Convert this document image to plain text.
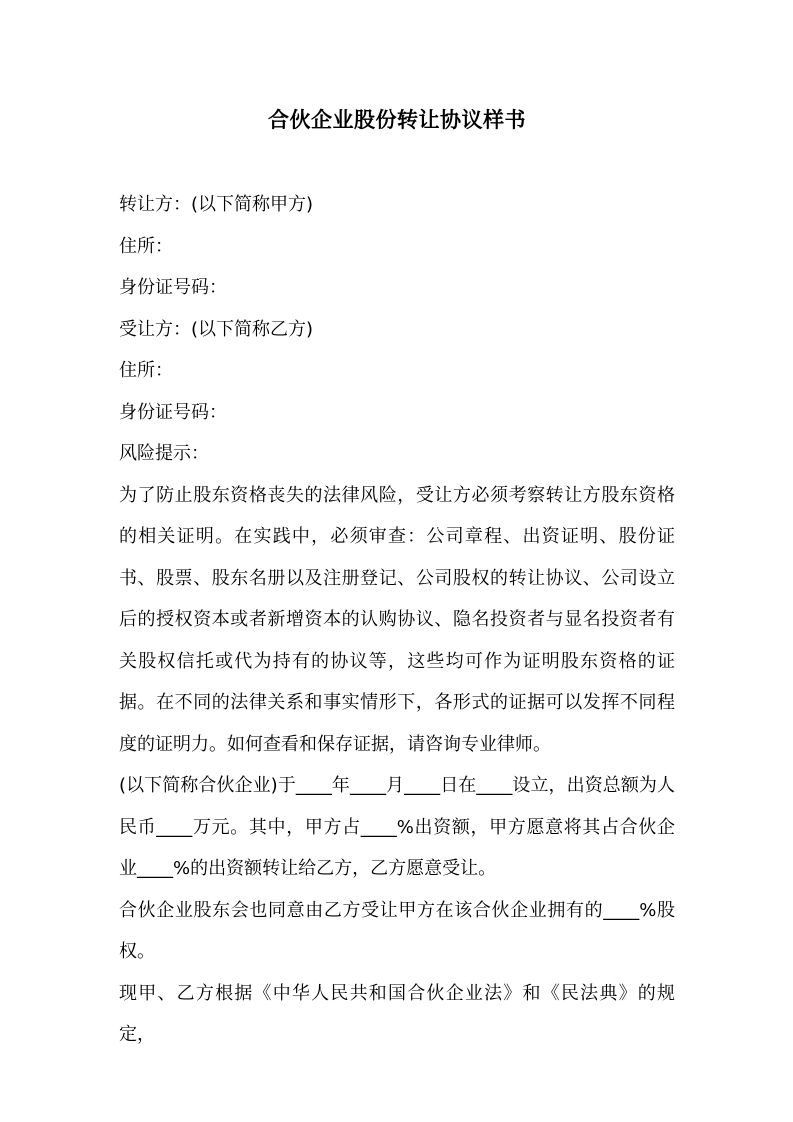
合伙企业股份转让协议样书
转让方：(以下简称甲方)
住所：
身份证号码：
受让方：(以下简称乙方)
住所：
身份证号码：
风险提示：

为了防止股东资格丧失的法律风险，受让方必须考察转让方股东资格的相关证明。在实践中，必须审查：公司章程、出资证明、股份证书、股票、股东名册以及注册登记、公司股权的转让协议、公司设立后的授权资本或者新增资本的认购协议、隐名投资者与显名投资者有关股权信托或代为持有的协议等，这些均可作为证明股东资格的证据。在不同的法律关系和事实情形下，各形式的证据可以发挥不同程度的证明力。如何查看和保存证据，请咨询专业律师。

(以下简称合伙企业)于____年____月____日在____设立，出资总额为人民币____万元。其中，甲方占____%出资额，甲方愿意将其占合伙企业____%的出资额转让给乙方，乙方愿意受让。

合伙企业股东会也同意由乙方受让甲方在该合伙企业拥有的____%股权。

现甲、乙方根据《中华人民共和国合伙企业法》和《民法典》的规定，
